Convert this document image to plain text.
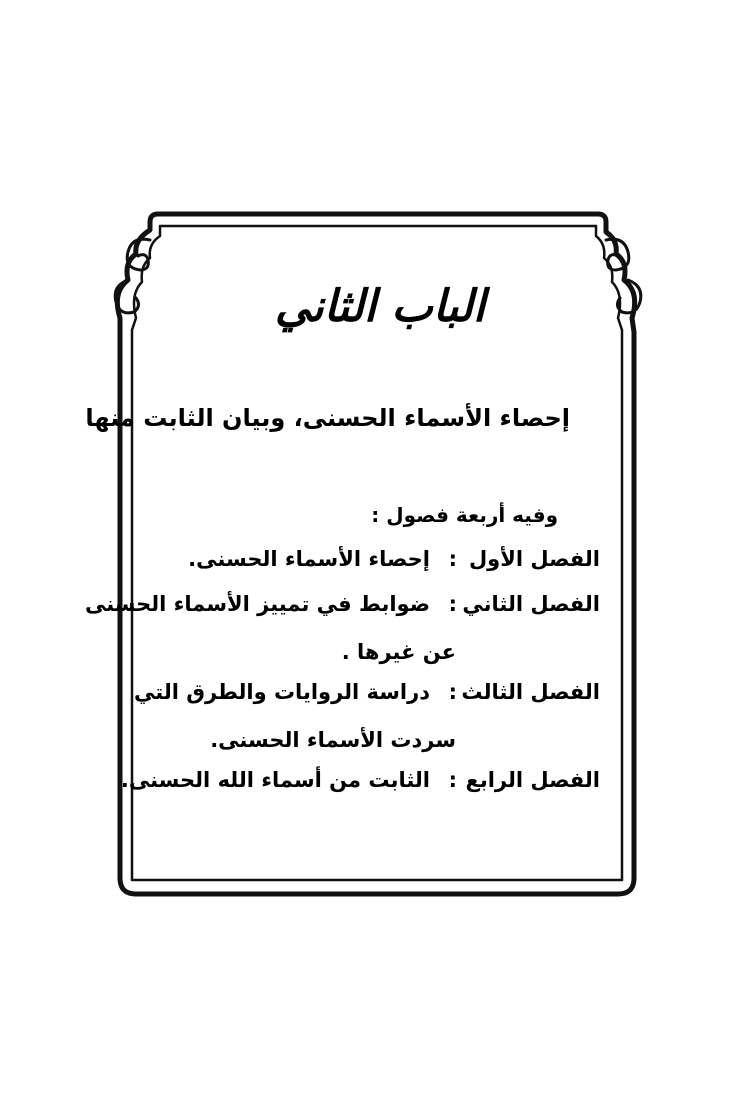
الباب الثاني
إحصاء الأسماء الحسنى، وبيان الثابت منها
وفيه أربعة فصول :
الفصل الأول
:
إحصاء الأسماء الحسنى.
الفصل الثاني
:
ضوابط في تمييز الأسماء الحسنى
عن غيرها .
الفصل الثالث
:
دراسة الروايات والطرق التي
سردت الأسماء الحسنى.
الفصل الرابع
:
الثابت من أسماء الله الحسنى.
